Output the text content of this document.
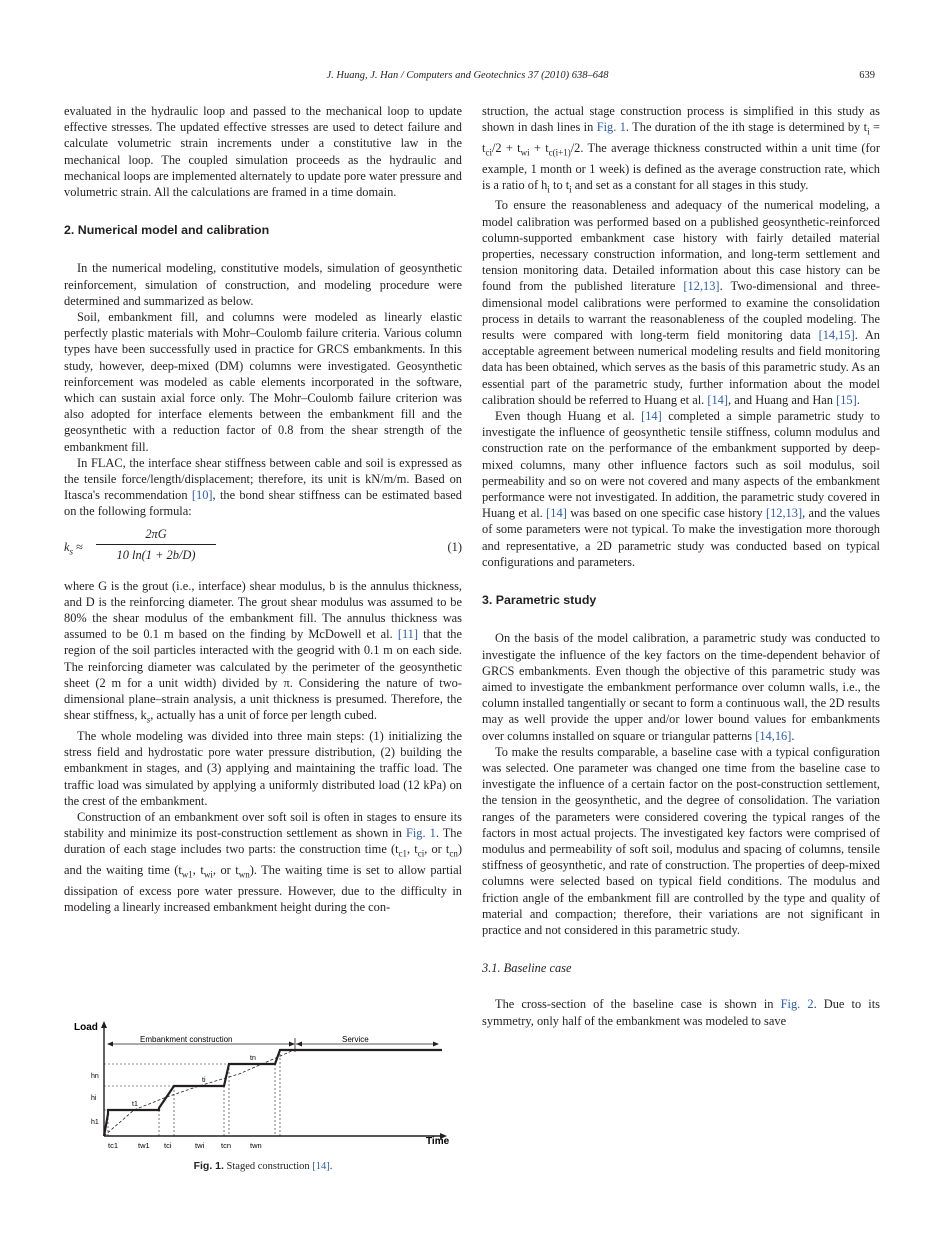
J. Huang, J. Han / Computers and Geotechnics 37 (2010) 638–648	639

evaluated in the hydraulic loop and passed to the mechanical loop to update effective stresses. The updated effective stresses are used to detect failure and calculate volumetric strain increments under a constitutive law in the mechanical loop. The coupled simulation proceeds as the hydraulic and mechanical loops are implemented alternately to update pore water pressure and volumetric strain. All the calculations are framed in a time domain.

2. Numerical model and calibration

In the numerical modeling, constitutive models, simulation of geosynthetic reinforcement, simulation of construction, and modeling procedure were determined and summarized as below.

Soil, embankment fill, and columns were modeled as linearly elastic perfectly plastic materials with Mohr–Coulomb failure criteria. Various column types have been successfully used in practice for GRCS embankments. In this study, however, deep-mixed (DM) columns were investigated. Geosynthetic reinforcement was modeled as cable elements incorporated in the software, which can sustain axial force only. The Mohr–Coulomb failure criterion was also adopted for interface elements between the embankment fill and the geosynthetic with a reduction factor of 0.8 from the shear strength of the embankment fill.

In FLAC, the interface shear stiffness between cable and soil is expressed as the tensile force/length/displacement; therefore, its unit is kN/m/m. Based on Itasca's recommendation [10], the bond shear stiffness can be estimated based on the following formula:

$k_s \approx \frac{2\pi G}{10 \ln(1 + 2b/D)}$	(1)

where G is the grout (i.e., interface) shear modulus, b is the annulus thickness, and D is the reinforcing diameter. The grout shear modulus was assumed to be 80% the shear modulus of the embankment fill. The annulus thickness was assumed to be 0.1 m based on the finding by McDowell et al. [11] that the region of the soil particles interacted with the geogrid with 0.1 m on each side. The reinforcing diameter was calculated by the perimeter of the geosynthetic sheet (2 m for a unit width) divided by π. Considering the nature of two-dimensional plane–strain analysis, a unit thickness is presumed. Therefore, the shear stiffness, $k_s$, actually has a unit of force per length cubed.

The whole modeling was divided into three main steps: (1) initializing the stress field and hydrostatic pore water pressure distribution, (2) building the embankment in stages, and (3) applying and maintaining the traffic load. The traffic load was simulated by applying a uniformly distributed load (12 kPa) on the crest of the embankment.

Construction of an embankment over soft soil is often in stages to ensure its stability and minimize its post-construction settlement as shown in Fig. 1. The duration of each stage includes two parts: the construction time ($t_{c1}$, $t_{ci}$, or $t_{cn}$) and the waiting time ($t_{w1}$, $t_{wi}$, or $t_{wn}$). The waiting time is set to allow partial dissipation of excess pore water pressure. However, due to the difficulty in modeling a linearly increased embankment height during the con-

Load
Time
Embankment construction	Service
h1
hi
hn
t1
ti
tn
tc1	tw1 tci	twi tcn	twn
Fig. 1. Staged construction [14].

struction, the actual stage construction process is simplified in this study as shown in dash lines in Fig. 1. The duration of the ith stage is determined by $t_i = t_{ci}/2 + t_{wi} + t_{c(i+1)}/2$. The average thickness constructed within a unit time (for example, 1 month or 1 week) is defined as the average construction rate, which is a ratio of $h_i$ to $t_i$ and set as a constant for all stages in this study.

To ensure the reasonableness and adequacy of the numerical modeling, a model calibration was performed based on a published geosynthetic-reinforced column-supported embankment case history with fairly detailed material properties, necessary construction information, and long-term settlement and tension monitoring data. Detailed information about this case history can be found from the published literature [12,13]. Two-dimensional and three-dimensional model calibrations were performed to examine the consolidation process in details to warrant the reasonableness of the coupled modeling. The results were compared with long-term field monitoring data [14,15]. An acceptable agreement between numerical modeling results and field monitoring data has been obtained, which serves as the basis of this parametric study. As an essential part of the parametric study, further information about the model calibration should be referred to Huang et al. [14], and Huang and Han [15].

Even though Huang et al. [14] completed a simple parametric study to investigate the influence of geosynthetic tensile stiffness, column modulus and construction rate on the performance of the embankment supported by deep-mixed columns, many other influence factors such as soil modulus, soil permeability and so on were not covered and many aspects of the embankment performance were not investigated. In addition, the parametric study covered in Huang et al. [14] was based on one specific case history [12,13], and the values of some parameters were not typical. To make the investigation more thorough and representative, a 2D parametric study was conducted based on typical configurations and parameters.

3. Parametric study

On the basis of the model calibration, a parametric study was conducted to investigate the influence of the key factors on the time-dependent behavior of GRCS embankments. Even though the objective of this parametric study was aimed to investigate the embankment performance over column walls, i.e., the column installed tangentially or secant to form a continuous wall, the 2D results may as well provide the upper and/or lower bound values for embankments over columns installed on square or triangular patterns [14,16].

To make the results comparable, a baseline case with a typical configuration was selected. One parameter was changed one time from the baseline case to investigate the influence of a certain factor on the post-construction settlement, the tension in the geosynthetic, and the degree of consolidation. The variation ranges of the parameters were considered covering the typical ranges of the factors in most actual projects. The investigated key factors were comprised of modulus and permeability of soft soil, modulus and spacing of columns, tensile stiffness of geosynthetic, and rate of construction. The properties of deep-mixed columns were selected based on typical field conditions. The modulus and friction angle of the embankment fill are controlled by the type and quality of material and compaction; therefore, their variations are not significant in practice and not considered in this parametric study.

3.1. Baseline case

The cross-section of the baseline case is shown in Fig. 2. Due to its symmetry, only half of the embankment was modeled to save
